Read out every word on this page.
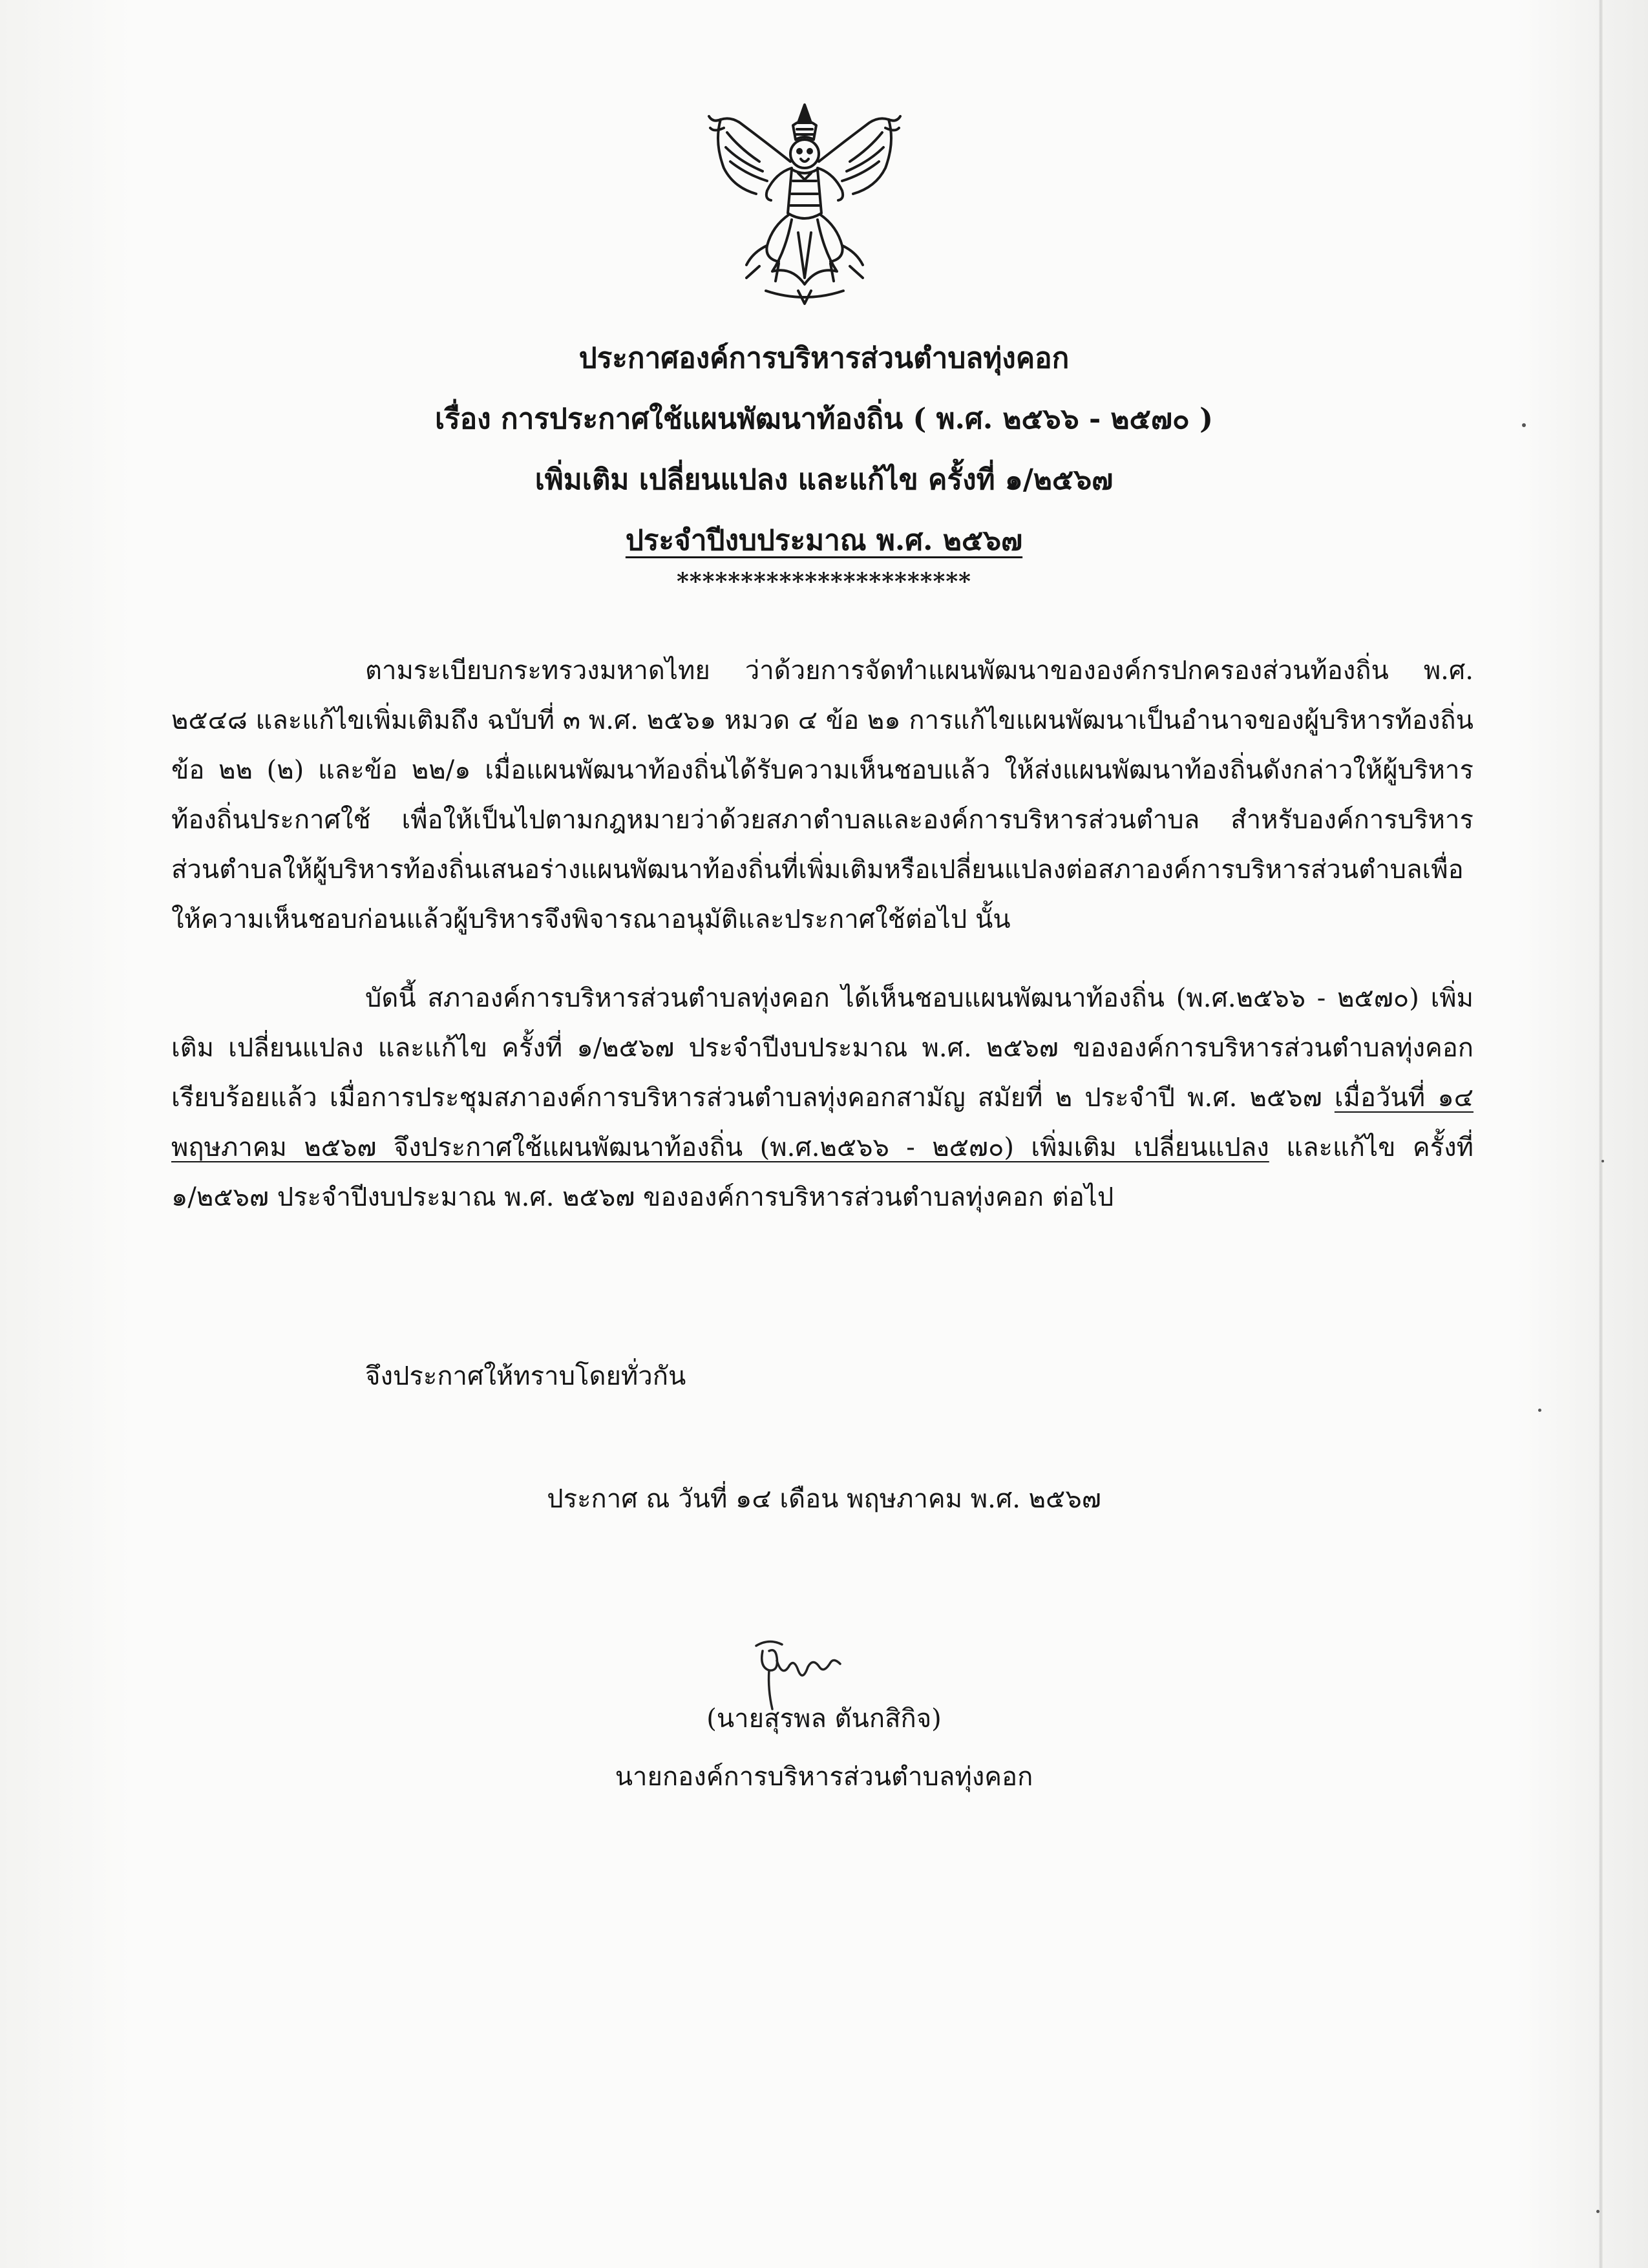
ประกาศองค์การบริหารส่วนตำบลทุ่งคอก
เรื่อง การประกาศใช้แผนพัฒนาท้องถิ่น ( พ.ศ. ๒๕๖๖ - ๒๕๗๐ )
เพิ่มเติม เปลี่ยนแปลง และแก้ไข ครั้งที่ ๑/๒๕๖๗
ประจำปีงบประมาณ พ.ศ. ๒๕๖๗
***********************

ตามระเบียบกระทรวงมหาดไทย ว่าด้วยการจัดทำแผนพัฒนาขององค์กรปกครองส่วนท้องถิ่น พ.ศ. ๒๕๔๘ และแก้ไขเพิ่มเติมถึง ฉบับที่ ๓ พ.ศ. ๒๕๖๑ หมวด ๔ ข้อ ๒๑ การแก้ไขแผนพัฒนาเป็นอำนาจของผู้บริหารท้องถิ่น ข้อ ๒๒ (๒) และข้อ ๒๒/๑ เมื่อแผนพัฒนาท้องถิ่นได้รับความเห็นชอบแล้ว ให้ส่งแผนพัฒนาท้องถิ่นดังกล่าวให้ผู้บริหารท้องถิ่นประกาศใช้ เพื่อให้เป็นไปตามกฎหมายว่าด้วยสภาตำบลและองค์การบริหารส่วนตำบล สำหรับองค์การบริหารส่วนตำบลให้ผู้บริหารท้องถิ่นเสนอร่างแผนพัฒนาท้องถิ่นที่เพิ่มเติมหรือเปลี่ยนแปลงต่อสภาองค์การบริหารส่วนตำบลเพื่อให้ความเห็นชอบก่อนแล้วผู้บริหารจึงพิจารณาอนุมัติและประกาศใช้ต่อไป นั้น

บัดนี้ สภาองค์การบริหารส่วนตำบลทุ่งคอก ได้เห็นชอบแผนพัฒนาท้องถิ่น (พ.ศ.๒๕๖๖ - ๒๕๗๐) เพิ่มเติม เปลี่ยนแปลง และแก้ไข ครั้งที่ ๑/๒๕๖๗ ประจำปีงบประมาณ พ.ศ. ๒๕๖๗ ขององค์การบริหารส่วนตำบลทุ่งคอกเรียบร้อยแล้ว เมื่อการประชุมสภาองค์การบริหารส่วนตำบลทุ่งคอกสามัญ สมัยที่ ๒ ประจำปี พ.ศ. ๒๕๖๗ เมื่อวันที่ ๑๔ พฤษภาคม ๒๕๖๗ จึงประกาศใช้แผนพัฒนาท้องถิ่น (พ.ศ.๒๕๖๖ - ๒๕๗๐) เพิ่มเติม เปลี่ยนแปลง และแก้ไข ครั้งที่ ๑/๒๕๖๗ ประจำปีงบประมาณ พ.ศ. ๒๕๖๗ ขององค์การบริหารส่วนตำบลทุ่งคอก ต่อไป

จึงประกาศให้ทราบโดยทั่วกัน
ประกาศ ณ วันที่ ๑๔ เดือน พฤษภาคม พ.ศ. ๒๕๖๗
(นายสุรพล ตันกสิกิจ)
นายกองค์การบริหารส่วนตำบลทุ่งคอก
